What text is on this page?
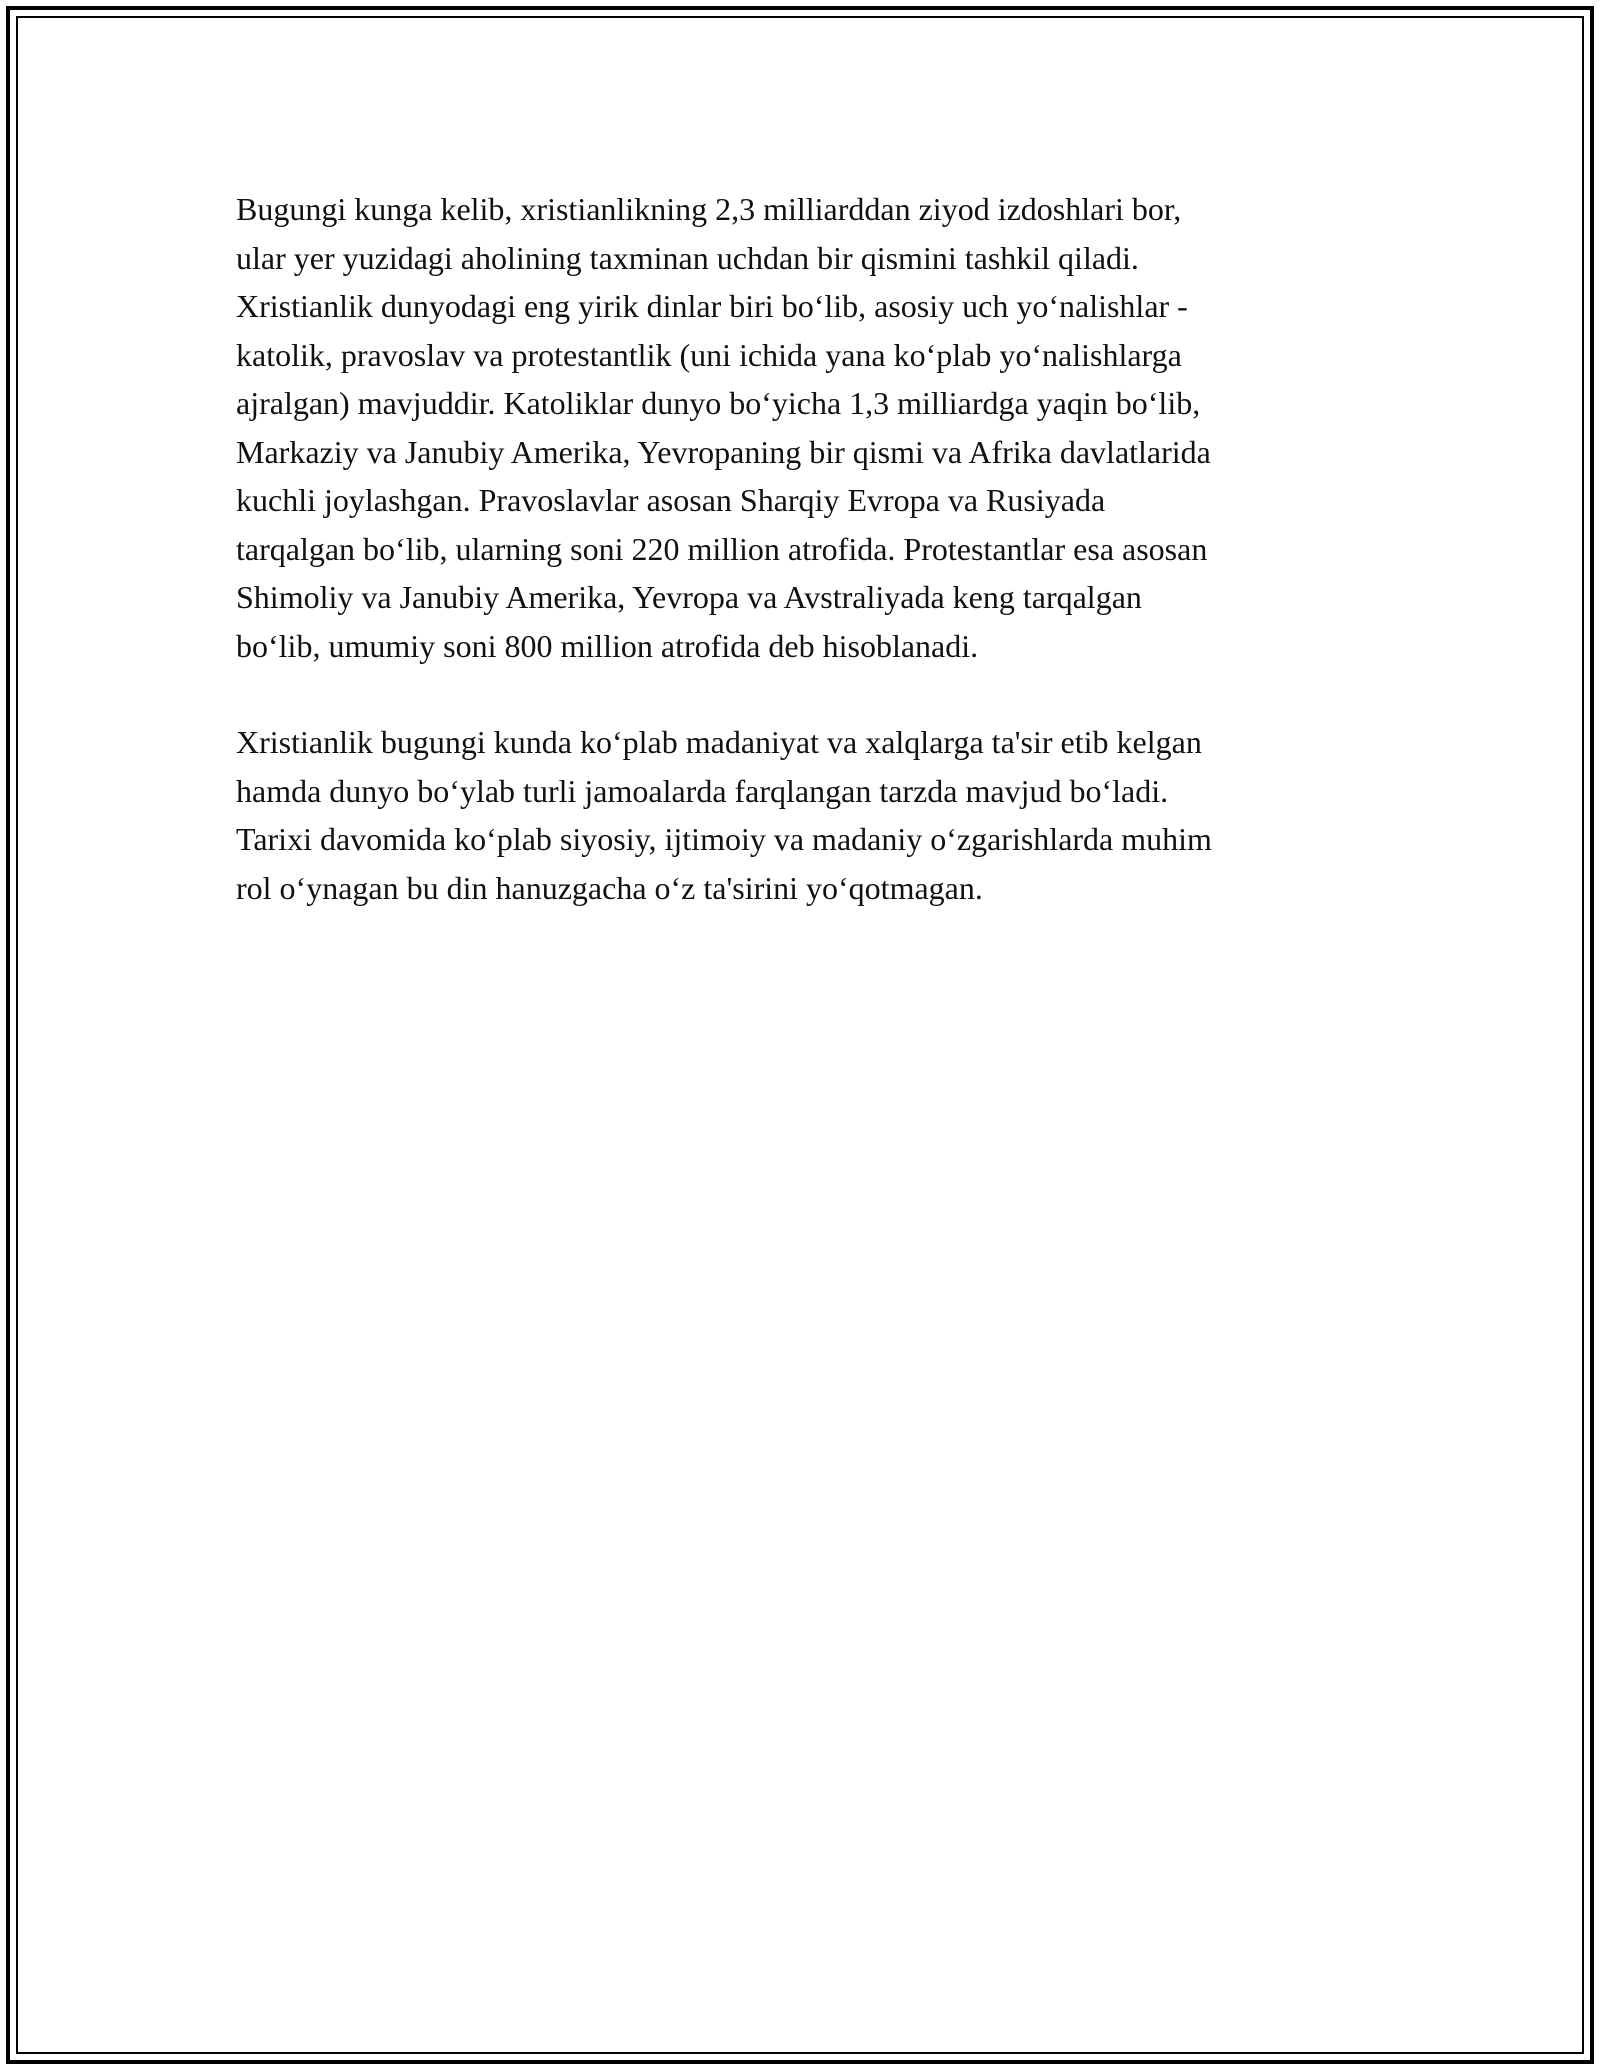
Bugungi kunga kelib, xristianlikning 2,3 milliarddan ziyod izdoshlari bor,
ular yer yuzidagi aholining taxminan uchdan bir qismini tashkil qiladi.
Xristianlik dunyodagi eng yirik dinlar biri bo‘lib, asosiy uch yo‘nalishlar -
katolik, pravoslav va protestantlik (uni ichida yana ko‘plab yo‘nalishlarga
ajralgan) mavjuddir. Katoliklar dunyo bo‘yicha 1,3 milliardga yaqin bo‘lib,
Markaziy va Janubiy Amerika, Yevropaning bir qismi va Afrika davlatlarida
kuchli joylashgan. Pravoslavlar asosan Sharqiy Evropa va Rusiyada
tarqalgan bo‘lib, ularning soni 220 million atrofida. Protestantlar esa asosan
Shimoliy va Janubiy Amerika, Yevropa va Avstraliyada keng tarqalgan
bo‘lib, umumiy soni 800 million atrofida deb hisoblanadi.

Xristianlik bugungi kunda ko‘plab madaniyat va xalqlarga ta'sir etib kelgan
hamda dunyo bo‘ylab turli jamoalarda farqlangan tarzda mavjud bo‘ladi.
Tarixi davomida ko‘plab siyosiy, ijtimoiy va madaniy o‘zgarishlarda muhim
rol o‘ynagan bu din hanuzgacha o‘z ta'sirini yo‘qotmagan.
